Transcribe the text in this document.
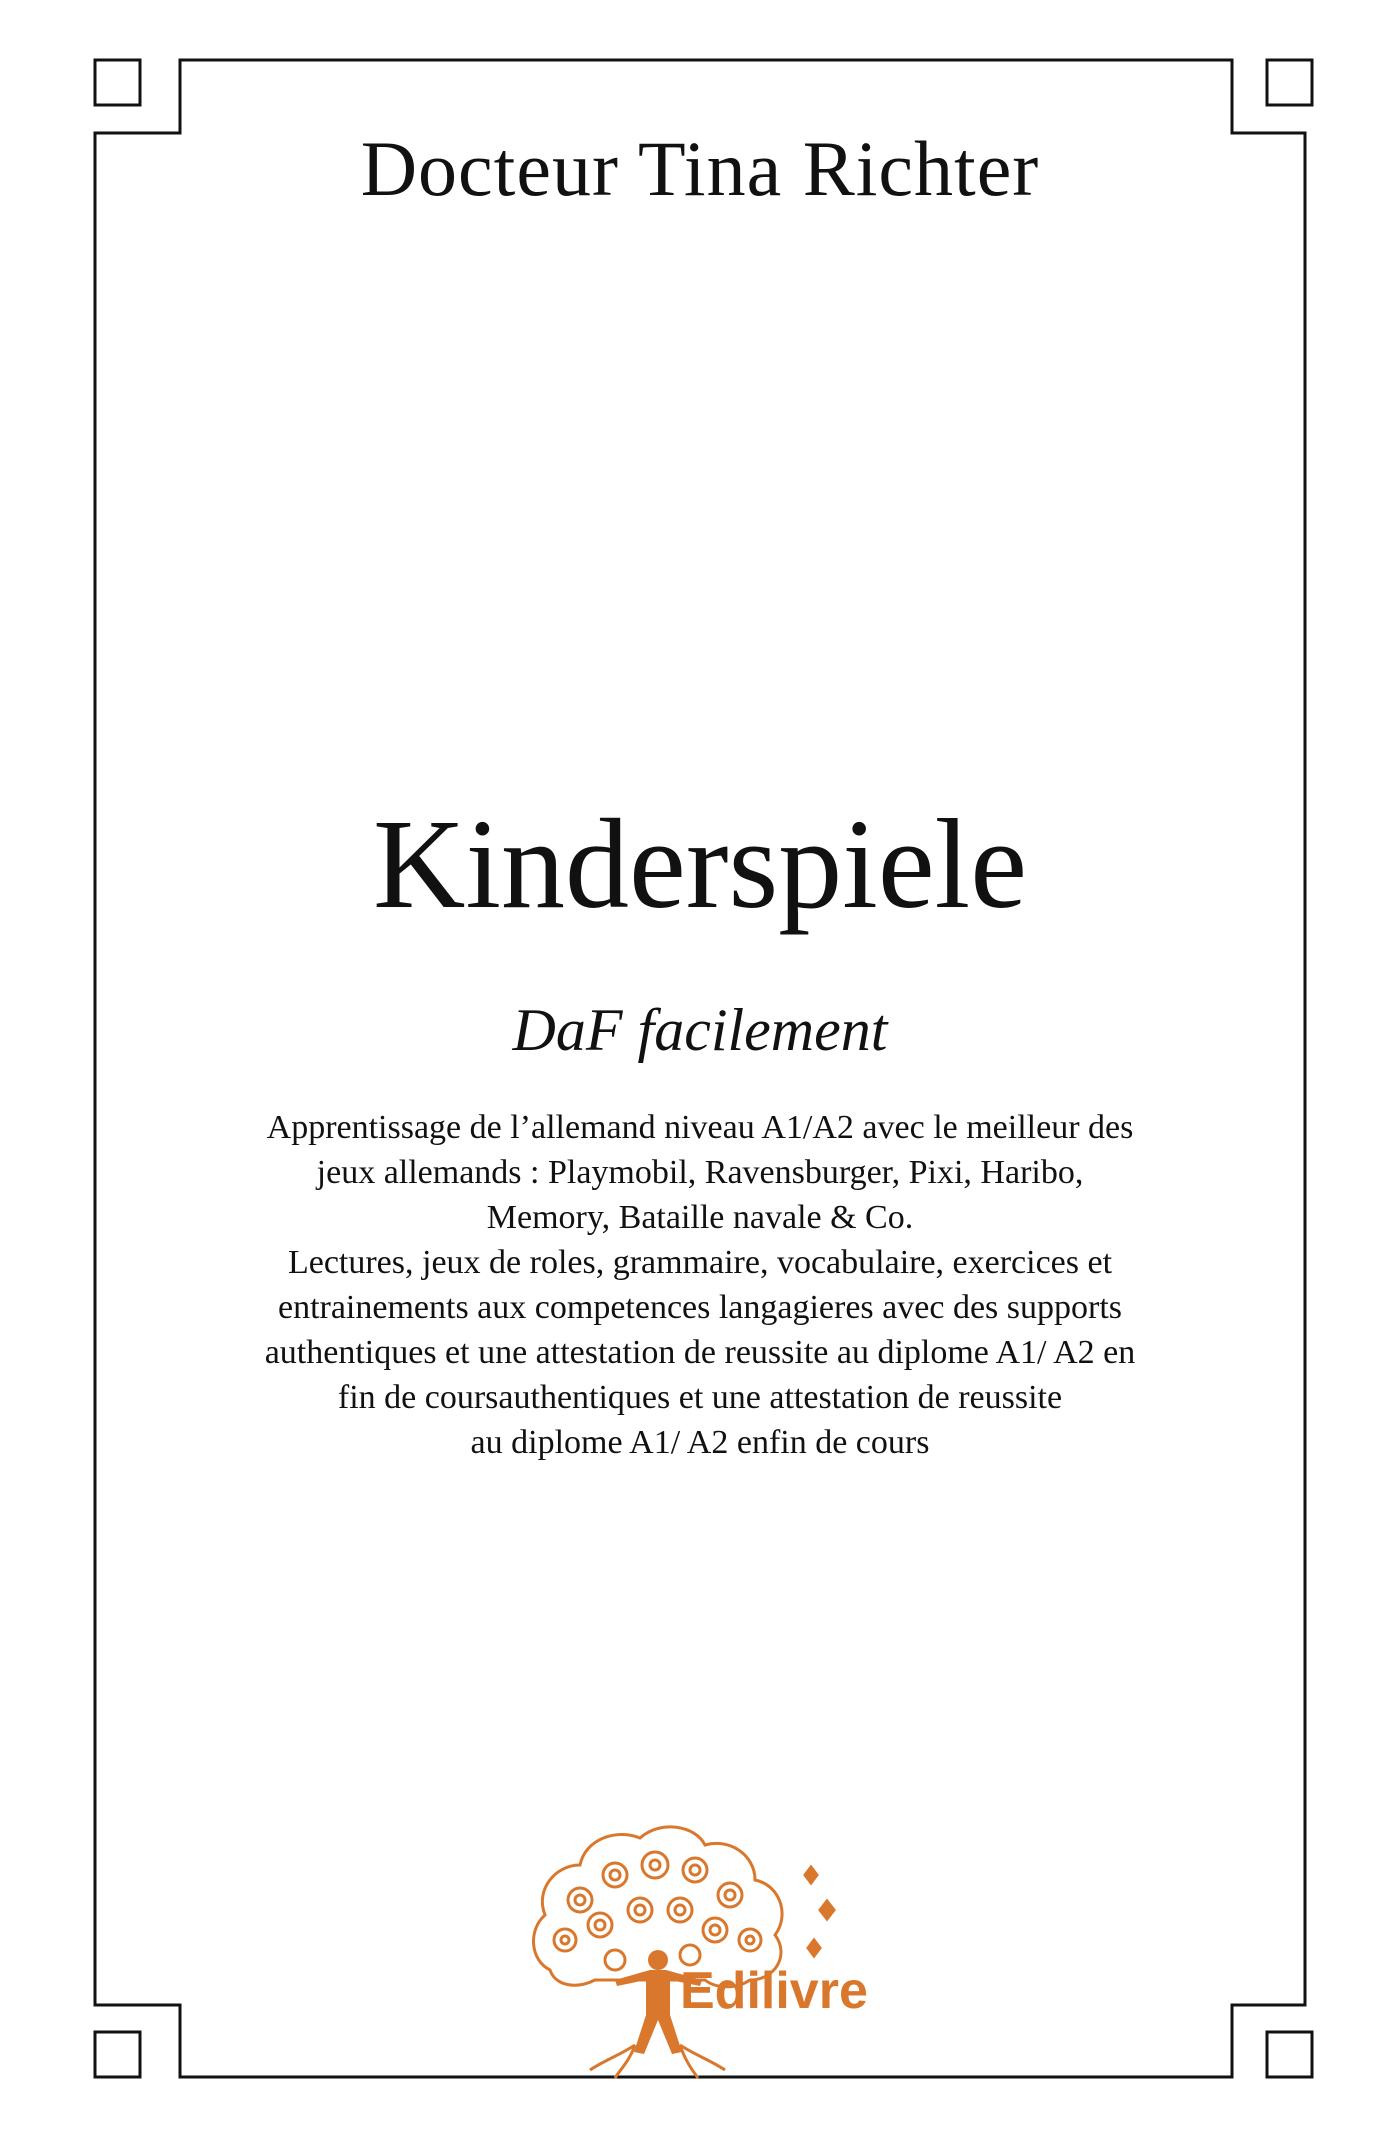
Docteur Tina Richter
Kinderspiele
DaF facilement
Apprentissage de l’allemand niveau A1/A2 avec le meilleur des
jeux allemands : Playmobil, Ravensburger, Pixi, Haribo,
Memory, Bataille navale & Co.
Lectures, jeux de roles, grammaire, vocabulaire, exercices et
entrainements aux competences langagieres avec des supports
authentiques et une attestation de reussite au diplome A1/ A2 en
fin de coursauthentiques et une attestation de reussite
au diplome A1/ A2 enfin de cours
Edilivre
